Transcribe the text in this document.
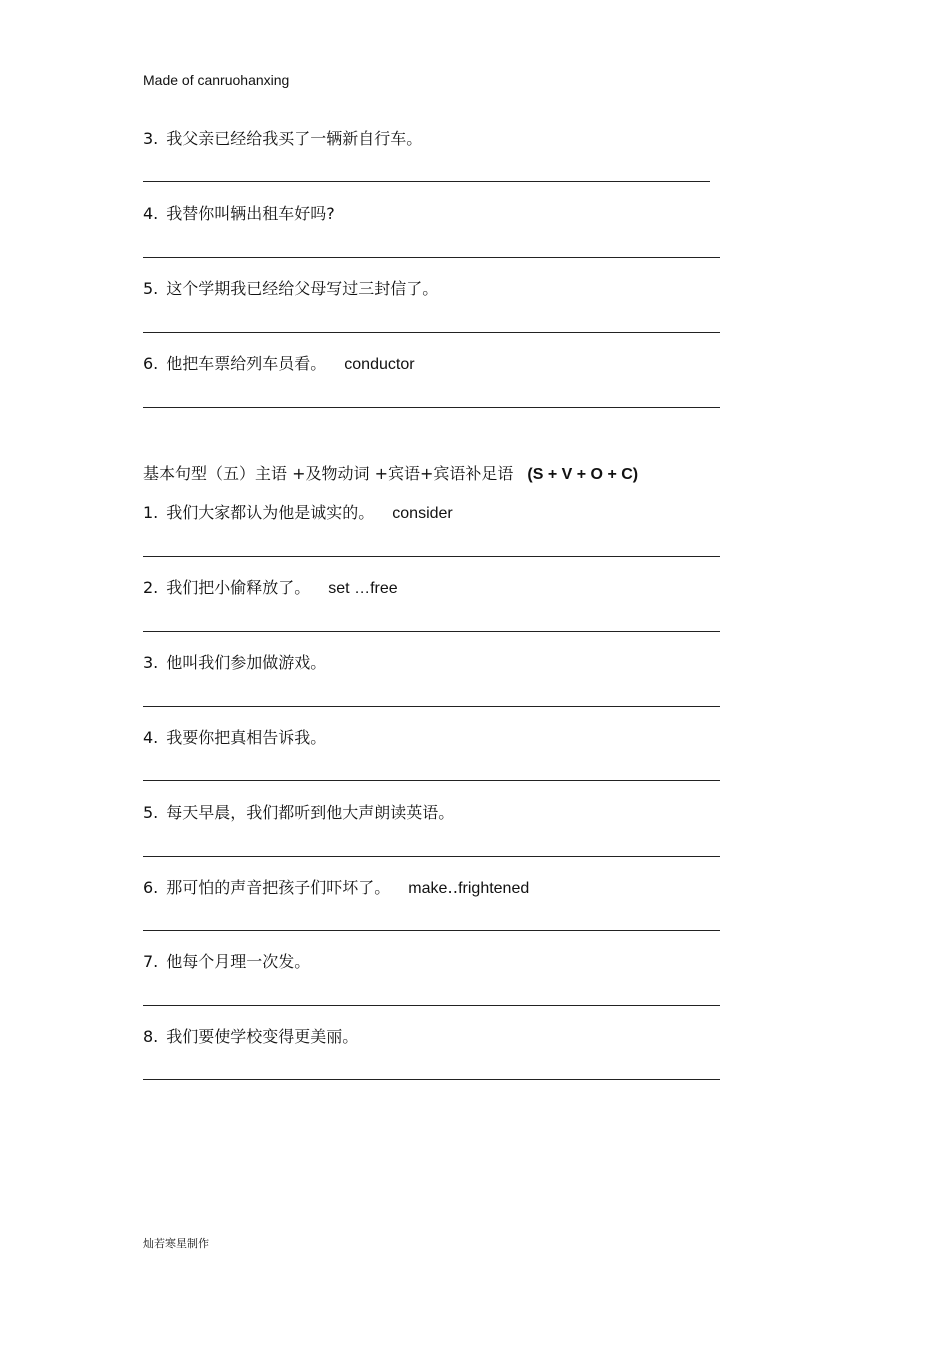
Made of canruohanxing
3. 我父亲已经给我买了一辆新自行车。
4. 我替你叫辆出租车好吗?
5. 这个学期我已经给父母写过三封信了。
6. 他把车票给列车员看。 conductor
基本句型（五）主语 +及物动词 +宾语+宾语补足语 (S + V + O + C)
1. 我们大家都认为他是诚实的。 consider
2. 我们把小偷释放了。 set …free
3. 他叫我们参加做游戏。
4. 我要你把真相告诉我。
5. 每天早晨，我们都听到他大声朗读英语。
6. 那可怕的声音把孩子们吓坏了。 make‥frightened
7. 他每个月理一次发。
8. 我们要使学校变得更美丽。
灿若寒星制作
